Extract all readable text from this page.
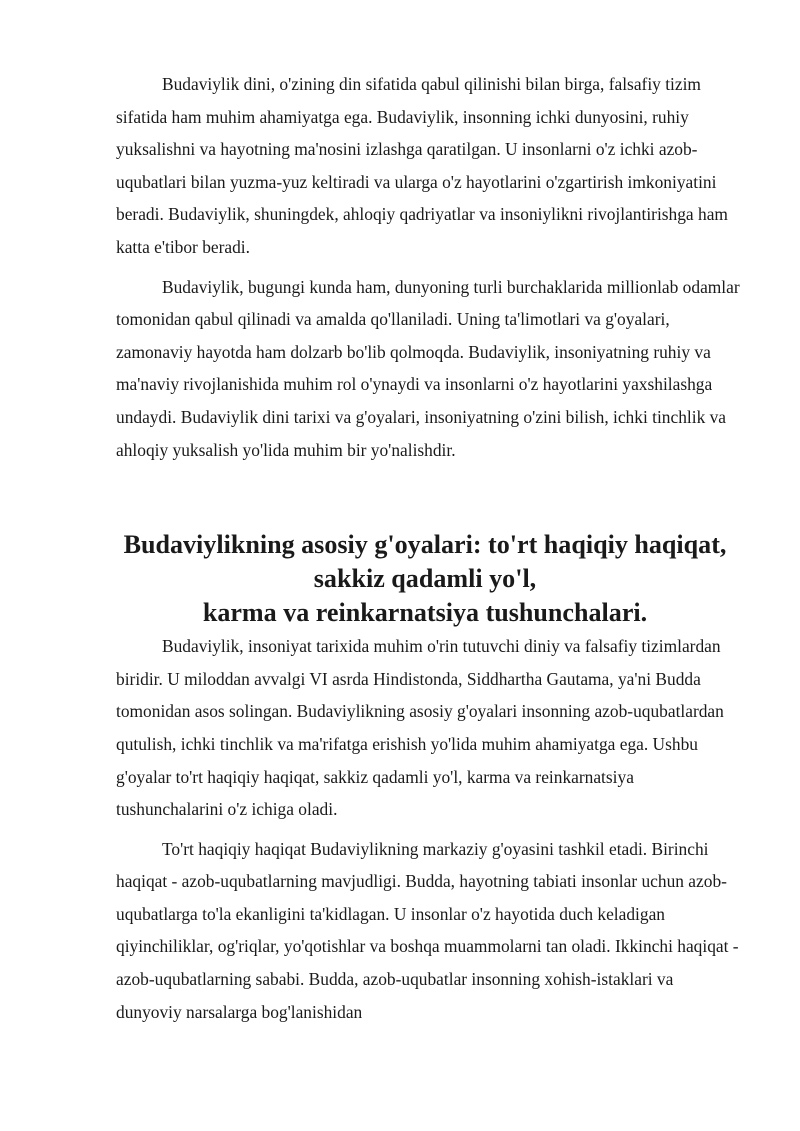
Budaviylik dini, o'zining din sifatida qabul qilinishi bilan birga, falsafiy tizim sifatida ham muhim ahamiyatga ega. Budaviylik, insonning ichki dunyosini, ruhiy yuksalishni va hayotning ma'nosini izlashga qaratilgan. U insonlarni o'z ichki azob-uqubatlari bilan yuzma-yuz keltiradi va ularga o'z hayotlarini o'zgartirish imkoniyatini beradi. Budaviylik, shuningdek, ahloqiy qadriyatlar va insoniylikni rivojlantirishga ham katta e'tibor beradi.

Budaviylik, bugungi kunda ham, dunyoning turli burchaklarida millionlab odamlar tomonidan qabul qilinadi va amalda qo'llaniladi. Uning ta'limotlari va g'oyalari, zamonaviy hayotda ham dolzarb bo'lib qolmoqda. Budaviylik, insoniyatning ruhiy va ma'naviy rivojlanishida muhim rol o'ynaydi va insonlarni o'z hayotlarini yaxshilashga undaydi. Budaviylik dini tarixi va g'oyalari, insoniyatning o'zini bilish, ichki tinchlik va ahloqiy yuksalish yo'lida muhim bir yo'nalishdir.

Budaviylikning asosiy g'oyalari: to'rt haqiqiy haqiqat, sakkiz qadamli yo'l,
karma va reinkarnatsiya tushunchalari.

Budaviylik, insoniyat tarixida muhim o'rin tutuvchi diniy va falsafiy tizimlardan biridir. U miloddan avvalgi VI asrda Hindistonda, Siddhartha Gautama, ya'ni Budda tomonidan asos solingan. Budaviylikning asosiy g'oyalari insonning azob-uqubatlardan qutulish, ichki tinchlik va ma'rifatga erishish yo'lida muhim ahamiyatga ega. Ushbu g'oyalar to'rt haqiqiy haqiqat, sakkiz qadamli yo'l, karma va reinkarnatsiya tushunchalarini o'z ichiga oladi.

To'rt haqiqiy haqiqat Budaviylikning markaziy g'oyasini tashkil etadi. Birinchi haqiqat - azob-uqubatlarning mavjudligi. Budda, hayotning tabiati insonlar uchun azob-uqubatlarga to'la ekanligini ta'kidlagan. U insonlar o'z hayotida duch keladigan qiyinchiliklar, og'riqlar, yo'qotishlar va boshqa muammolarni tan oladi. Ikkinchi haqiqat - azob-uqubatlarning sababi. Budda, azob-uqubatlar insonning xohish-istaklari va dunyoviy narsalarga bog'lanishidan
